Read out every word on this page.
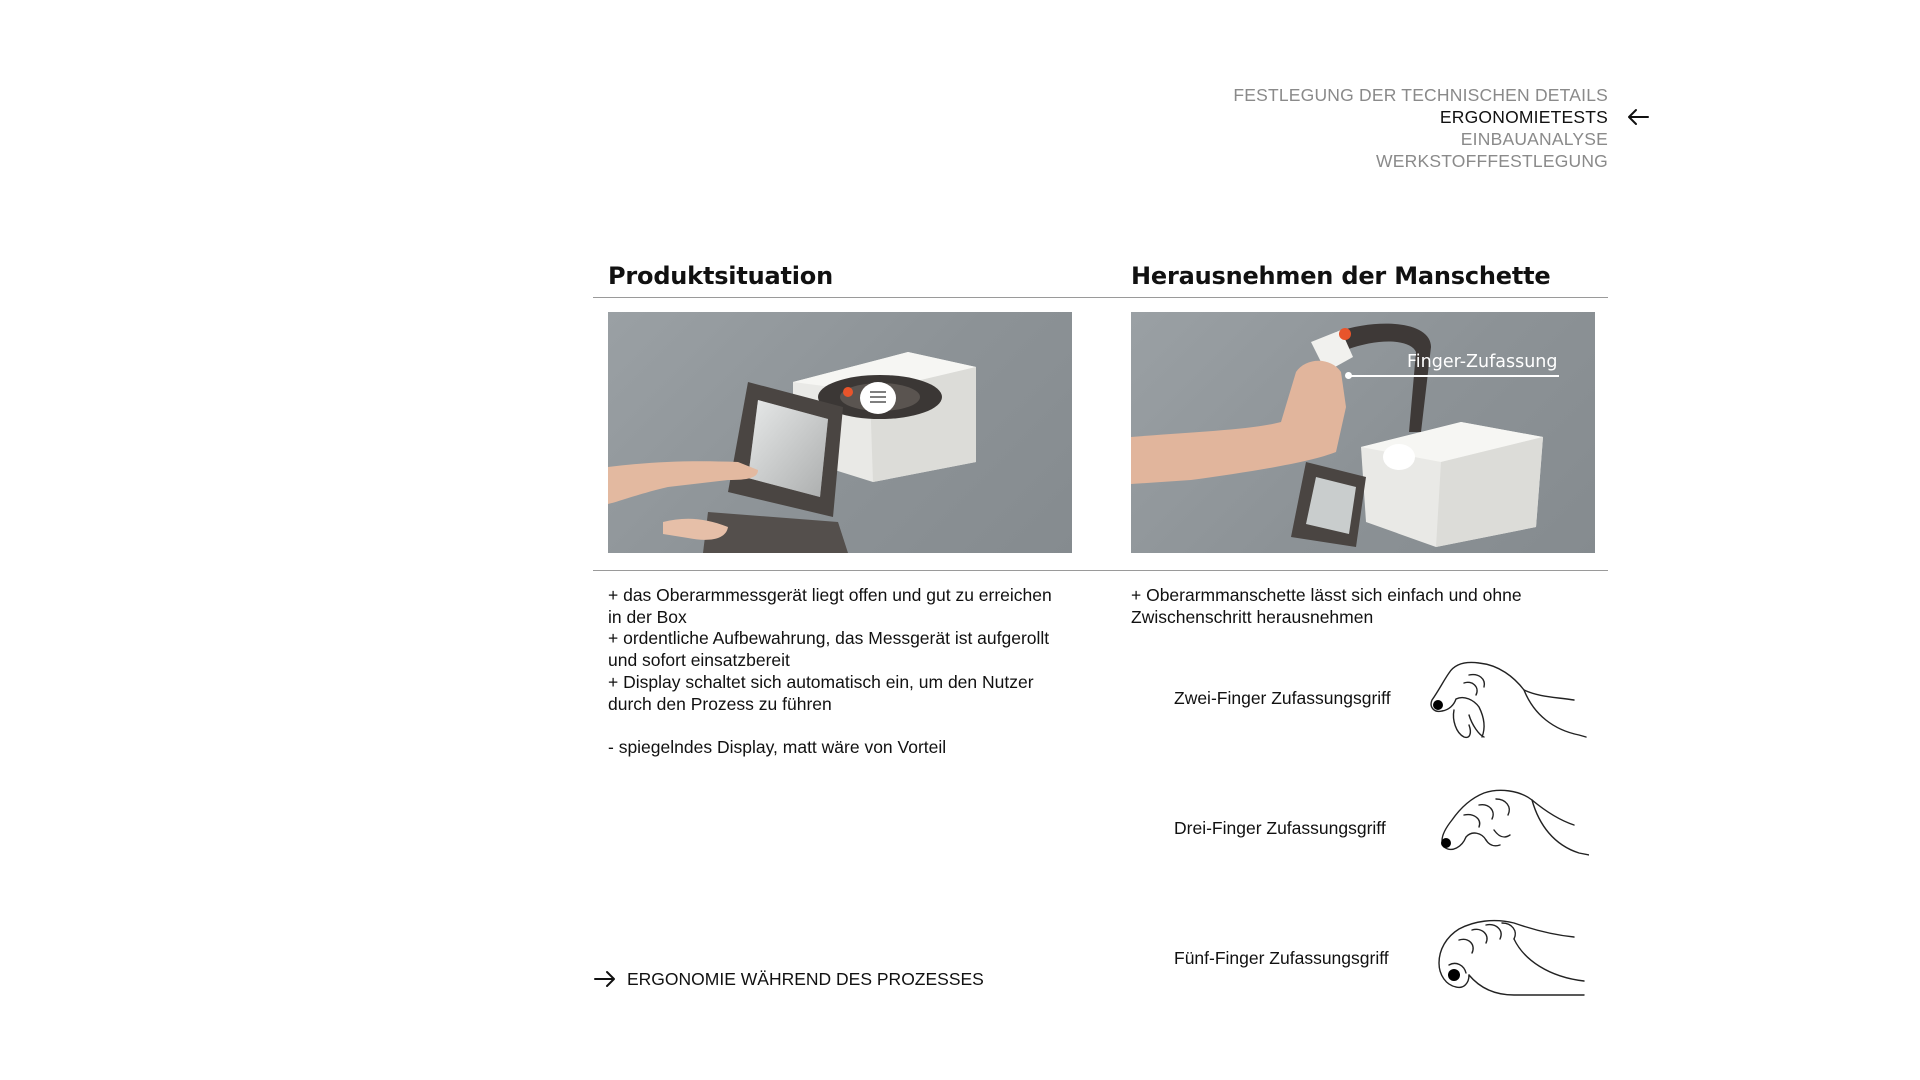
FESTLEGUNG DER TECHNISCHEN DETAILS
ERGONOMIETESTS
EINBAUANALYSE
WERKSTOFFFESTLEGUNG
Produktsituation	Herausnehmen der Manschette
Finger-Zufassung

+ das Oberarmmessgerät liegt offen und gut zu erreichen
in der Box

+ ordentliche Aufbewahrung, das Messgerät ist aufgerollt
und sofort einsatzbereit

+ Display schaltet sich automatisch ein, um den Nutzer
durch den Prozess zu führen

- spiegelndes Display, matt wäre von Vorteil

+ Oberarmmanschette lässt sich einfach und ohne
Zwischenschritt herausnehmen

Zwei-Finger Zufassungsgriff
Drei-Finger Zufassungsgriff
Fünf-Finger Zufassungsgriff
ERGONOMIE WÄHREND DES PROZESSES
